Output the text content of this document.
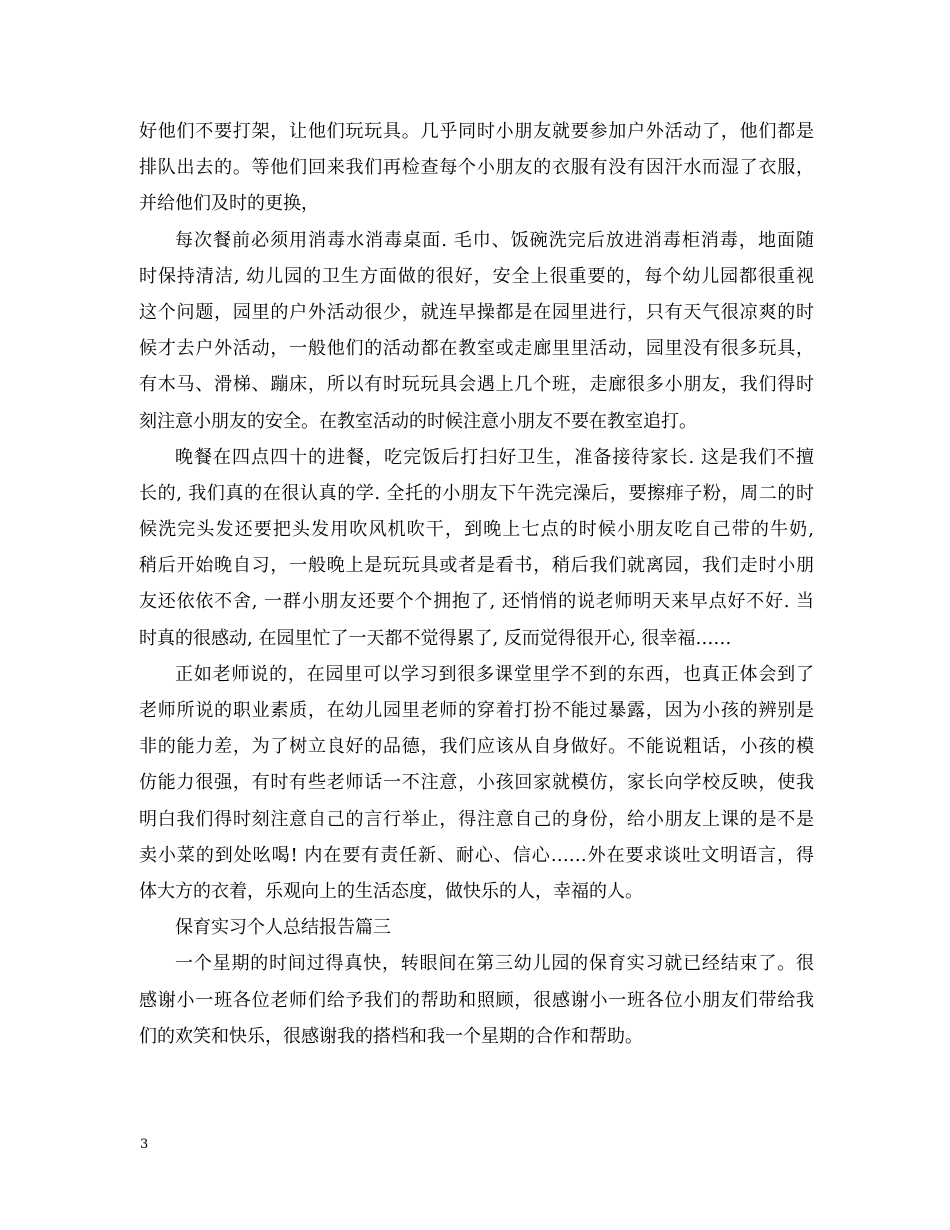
好他们不要打架，让他们玩玩具。几乎同时小朋友就要参加户外活动了，他们都是
排队出去的。等他们回来我们再检查每个小朋友的衣服有没有因汗水而湿了衣服，
并给他们及时的更换，
每次餐前必须用消毒水消毒桌面. 毛巾、饭碗洗完后放进消毒柜消毒，地面随
时保持清洁, 幼儿园的卫生方面做的很好，安全上很重要的，每个幼儿园都很重视
这个问题，园里的户外活动很少，就连早操都是在园里进行，只有天气很凉爽的时
候才去户外活动，一般他们的活动都在教室或走廊里里活动，园里没有很多玩具，
有木马、滑梯、蹦床，所以有时玩玩具会遇上几个班，走廊很多小朋友，我们得时
刻注意小朋友的安全。在教室活动的时候注意小朋友不要在教室追打。
晚餐在四点四十的进餐，吃完饭后打扫好卫生，准备接待家长. 这是我们不擅
长的, 我们真的在很认真的学. 全托的小朋友下午洗完澡后，要擦痱子粉，周二的时
候洗完头发还要把头发用吹风机吹干，到晚上七点的时候小朋友吃自己带的牛奶,
稍后开始晚自习，一般晚上是玩玩具或者是看书，稍后我们就离园，我们走时小朋
友还依依不舍, 一群小朋友还要个个拥抱了, 还悄悄的说老师明天来早点好不好. 当
时真的很感动, 在园里忙了一天都不觉得累了, 反而觉得很开心, 很幸福……
正如老师说的，在园里可以学习到很多课堂里学不到的东西，也真正体会到了
老师所说的职业素质，在幼儿园里老师的穿着打扮不能过暴露，因为小孩的辨别是
非的能力差，为了树立良好的品德，我们应该从自身做好。不能说粗话，小孩的模
仿能力很强，有时有些老师话一不注意，小孩回家就模仿，家长向学校反映，使我
明白我们得时刻注意自己的言行举止，得注意自己的身份，给小朋友上课的是不是
卖小菜的到处吆喝! 内在要有责任新、耐心、信心……外在要求谈吐文明语言，得
体大方的衣着，乐观向上的生活态度，做快乐的人，幸福的人。
保育实习个人总结报告篇三
一个星期的时间过得真快，转眼间在第三幼儿园的保育实习就已经结束了。很
感谢小一班各位老师们给予我们的帮助和照顾，很感谢小一班各位小朋友们带给我
们的欢笑和快乐，很感谢我的搭档和我一个星期的合作和帮助。
3
